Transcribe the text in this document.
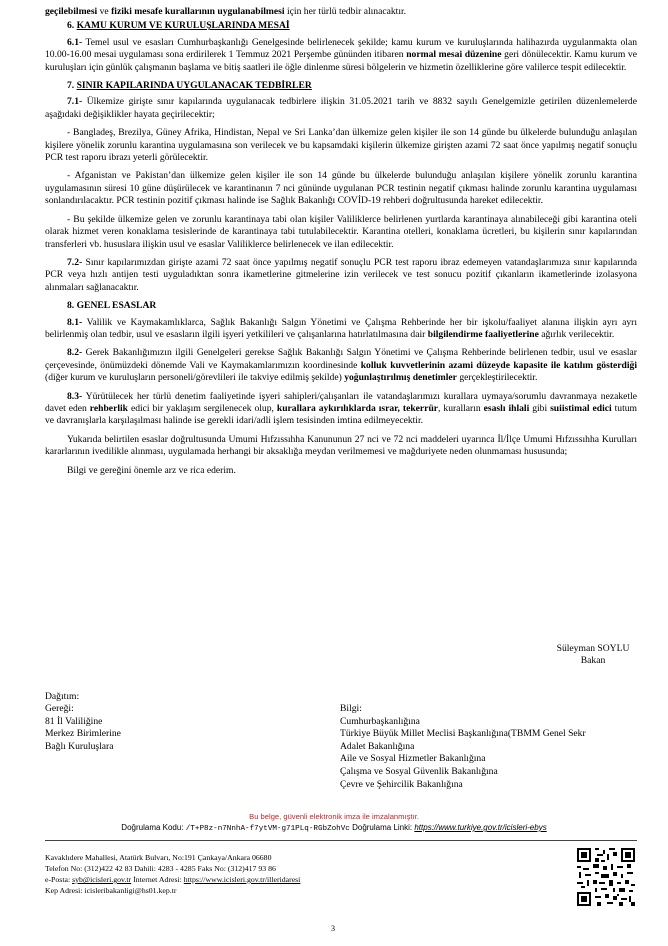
geçilebilmesi ve fiziki mesafe kurallarının uygulanabilmesi için her türlü tedbir alınacaktır.

6. KAMU KURUM VE KURULUŞLARINDA MESAİ

6.1- Temel usul ve esasları Cumhurbaşkanlığı Genelgesinde belirlenecek şekilde; kamu kurum ve kuruluşlarında halihazırda uygulanmakta olan 10.00-16.00 mesai uygulaması sona erdirilerek 1 Temmuz 2021 Perşembe gününden itibaren normal mesai düzenine geri dönülecektir. Kamu kurum ve kuruluşları için günlük çalışmanın başlama ve bitiş saatleri ile öğle dinlenme süresi bölgelerin ve hizmetin özelliklerine göre valilerce tespit edilecektir.

7. SINIR KAPILARINDA UYGULANACAK TEDBİRLER

7.1- Ülkemize girişte sınır kapılarında uygulanacak tedbirlere ilişkin 31.05.2021 tarih ve 8832 sayılı Genelgemizle getirilen düzenlemelerde aşağıdaki değişiklikler hayata geçirilecektir;

- Bangladeş, Brezilya, Güney Afrika, Hindistan, Nepal ve Sri Lanka’dan ülkemize gelen kişiler ile son 14 günde bu ülkelerde bulunduğu anlaşılan kişilere yönelik zorunlu karantina uygulamasına son verilecek ve bu kapsamdaki kişilerin ülkemize girişten azami 72 saat önce yapılmış negatif sonuçlu PCR test raporu ibrazı yeterli görülecektir.

- Afganistan ve Pakistan’dan ülkemize gelen kişiler ile son 14 günde bu ülkelerde bulunduğu anlaşılan kişilere yönelik zorunlu karantina uygulamasının süresi 10 güne düşürülecek ve karantinanın 7 nci gününde uygulanan PCR testinin negatif çıkması halinde zorunlu karantina uygulaması sonlandırılacaktır. PCR testinin pozitif çıkması halinde ise Sağlık Bakanlığı COVİD-19 rehberi doğrultusunda hareket edilecektir.

- Bu şekilde ülkemize gelen ve zorunlu karantinaya tabi olan kişiler Valiliklerce belirlenen yurtlarda karantinaya alınabileceği gibi karantina oteli olarak hizmet veren konaklama tesislerinde de karantinaya tabi tutulabilecektir. Karantina otelleri, konaklama ücretleri, bu kişilerin sınır kapılarından transferleri vb. hususlara ilişkin usul ve esaslar Valiliklerce belirlenecek ve ilan edilecektir.

7.2- Sınır kapılarımızdan girişte azami 72 saat önce yapılmış negatif sonuçlu PCR test raporu ibraz edemeyen vatandaşlarımıza sınır kapılarında PCR veya hızlı antijen testi uyguladıktan sonra ikametlerine gitmelerine izin verilecek ve test sonucu pozitif çıkanların ikametlerinde izolasyona alınmaları sağlanacaktır.

8. GENEL ESASLAR

8.1- Valilik ve Kaymakamlıklarca, Sağlık Bakanlığı Salgın Yönetimi ve Çalışma Rehberinde her bir işkolu/faaliyet alanına ilişkin ayrı ayrı belirlenmiş olan tedbir, usul ve esasların ilgili işyeri yetkilileri ve çalışanlarına hatırlatılmasına dair bilgilendirme faaliyetlerine ağırlık verilecektir.

8.2- Gerek Bakanlığımızın ilgili Genelgeleri gerekse Sağlık Bakanlığı Salgın Yönetimi ve Çalışma Rehberinde belirlenen tedbir, usul ve esaslar çerçevesinde, önümüzdeki dönemde Vali ve Kaymakamlarımızın koordinesinde kolluk kuvvetlerinin azami düzeyde kapasite ile katılım gösterdiği (diğer kurum ve kuruluşların personeli/görevlileri ile takviye edilmiş şekilde) yoğunlaştırılmış denetimler gerçekleştirilecektir.

8.3- Yürütülecek her türlü denetim faaliyetinde işyeri sahipleri/çalışanları ile vatandaşlarımızı kurallara uymaya/sorumlu davranmaya nezaketle davet eden rehberlik edici bir yaklaşım sergilenecek olup, kurallara aykırılıklarda ısrar, tekerrür, kuralların esaslı ihlali gibi suiistimal edici tutum ve davranışlarla karşılaşılması halinde ise gerekli idari/adli işlem tesisinden imtina edilmeyecektir.

Yukarıda belirtilen esaslar doğrultusunda Umumi Hıfzıssıhha Kanununun 27 nci ve 72 nci maddeleri uyarınca İl/İlçe Umumi Hıfzıssıhha Kurulları kararlarının ivedilikle alınması, uygulamada herhangi bir aksaklığa meydan verilmemesi ve mağduriyete neden olunmaması hususunda;

Bilgi ve gereğini önemle arz ve rica ederim.

Süleyman SOYLU
Bakan
Dağıtım:
Gereği:
81 İl Valiliğine
Merkez Birimlerine
Bağlı Kuruluşlara
Bilgi:
Cumhurbaşkanlığına
Türkiye Büyük Millet Meclisi Başkanlığına(TBMM Genel Sekr
Adalet Bakanlığına
Aile ve Sosyal Hizmetler Bakanlığına
Çalışma ve Sosyal Güvenlik Bakanlığına
Çevre ve Şehircilik Bakanlığına
Bu belge, güvenli elektronik imza ile imzalanmıştır.
Doğrulama Kodu: /T+P8z-n7NnhA-f7ytVM-g71PLq-RGbZohVc Doğrulama Linki: https://www.turkiye.gov.tr/icisleri-ebys
Kavaklıdere Mahallesi, Atatürk Bulvarı, No:191 Çankaya/Ankara 06680
Telefon No: (312)422 42 83 Dahili: 4283 - 4285 Faks No: (312)417 93 86
e-Posta: syb@icisleri.gov.tr İnternet Adresi: https://www.icisleri.gov.tr/illeridaresi
Kep Adresi: icisleribakanligi@hs01.kep.tr
3
